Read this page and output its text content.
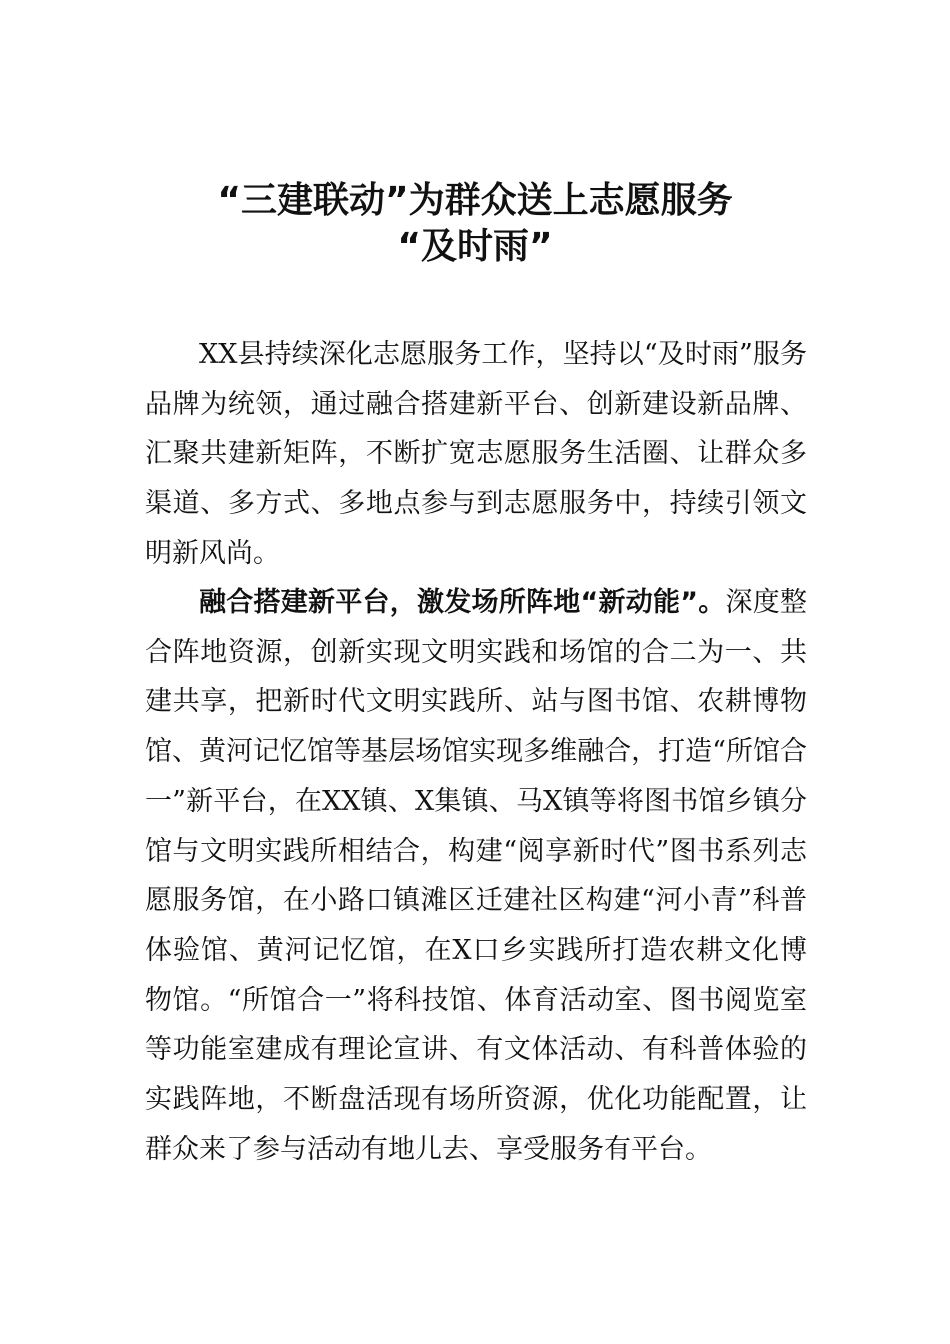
“三建联动”为群众送上志愿服务
“及时雨”

XX县持续深化志愿服务工作，坚持以“及时雨”服务品牌为统领，通过融合搭建新平台、创新建设新品牌、汇聚共建新矩阵，不断扩宽志愿服务生活圈、让群众多渠道、多方式、多地点参与到志愿服务中，持续引领文明新风尚。

融合搭建新平台，激发场所阵地“新动能”。深度整合阵地资源，创新实现文明实践和场馆的合二为一、共建共享，把新时代文明实践所、站与图书馆、农耕博物馆、黄河记忆馆等基层场馆实现多维融合，打造“所馆合一”新平台，在XX镇、X集镇、马X镇等将图书馆乡镇分馆与文明实践所相结合，构建“阅享新时代”图书系列志愿服务馆，在小路口镇滩区迁建社区构建“河小青”科普体验馆、黄河记忆馆，在X口乡实践所打造农耕文化博物馆。“所馆合一”将科技馆、体育活动室、图书阅览室等功能室建成有理论宣讲、有文体活动、有科普体验的实践阵地，不断盘活现有场所资源，优化功能配置，让群众来了参与活动有地儿去、享受服务有平台。
